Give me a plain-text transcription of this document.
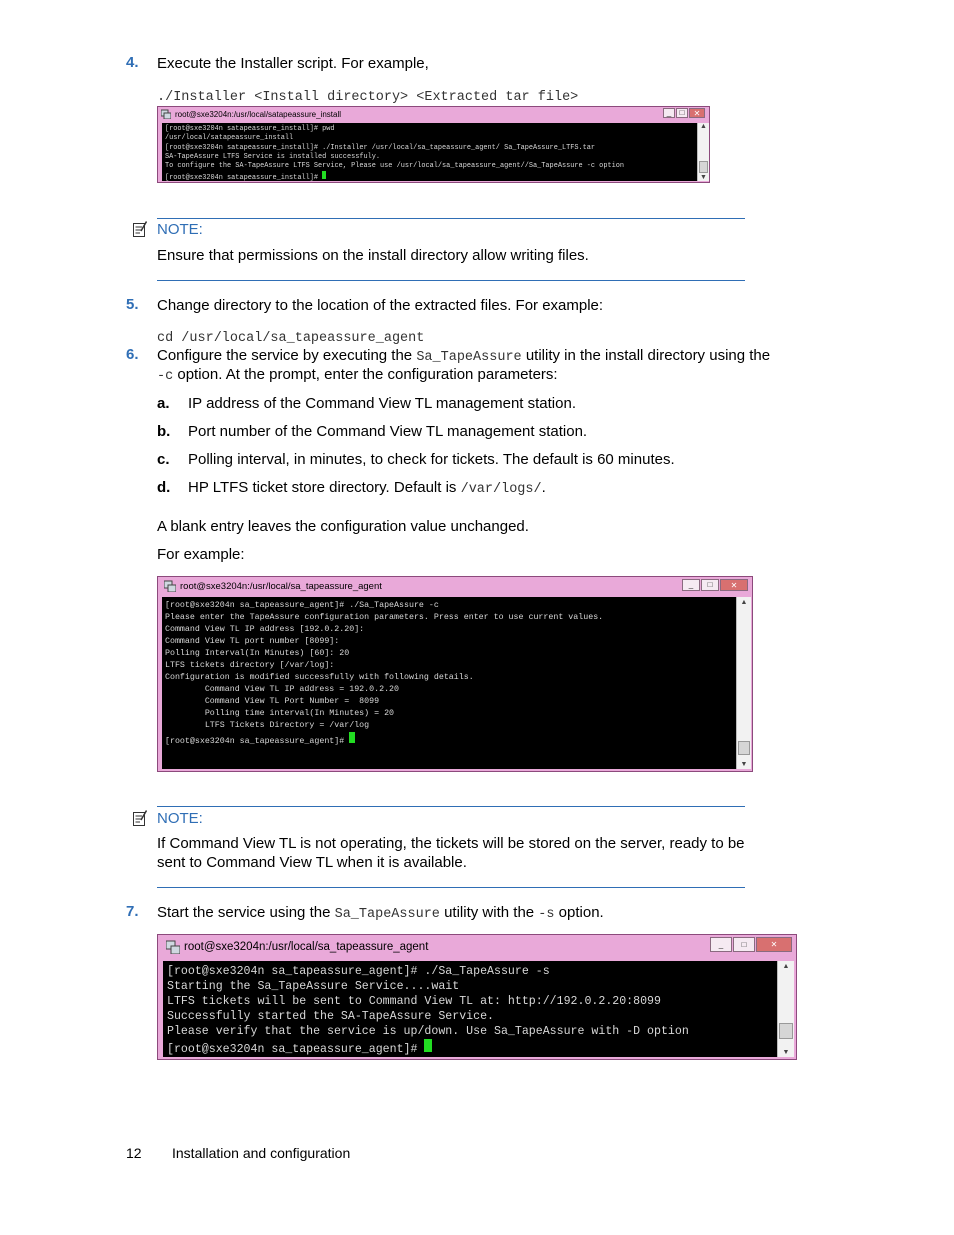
4. Execute the Installer script. For example,
./Installer <Install directory> <Extracted tar file>
root@sxe3204n:/usr/local/satapeassure_install	_	□	✕
[root@sxe3204n satapeassure_install]# pwd
/usr/local/satapeassure_install
[root@sxe3204n satapeassure_install]# ./Installer /usr/local/sa_tapeassure_agent/ Sa_TapeAssure_LTFS.tar
SA-TapeAssure LTFS Service is installed successfuly.
To configure the SA-TapeAssure LTFS Service, Please use /usr/local/sa_tapeassure_agent//Sa_TapeAssure -c option
[root@sxe3204n satapeassure_install]#
▲
▼
NOTE:
Ensure that permissions on the install directory allow writing files.
5. Change directory to the location of the extracted files. For example:
cd /usr/local/sa_tapeassure_agent
6. Configure the service by executing the Sa_TapeAssure utility in the install directory using the
-c option. At the prompt, enter the configuration parameters:
a. IP address of the Command View TL management station.
b. Port number of the Command View TL management station.
c. Polling interval, in minutes, to check for tickets. The default is 60 minutes.
d. HP LTFS ticket store directory. Default is /var/logs/.
A blank entry leaves the configuration value unchanged.
For example:
root@sxe3204n:/usr/local/sa_tapeassure_agent	_	□	✕
[root@sxe3204n sa_tapeassure_agent]# ./Sa_TapeAssure -c
Please enter the TapeAssure configuration parameters. Press enter to use current values.
Command View TL IP address [192.0.2.20]:
Command View TL port number [8099]:
Polling Interval(In Minutes) [60]: 20
LTFS tickets directory [/var/log]:
Configuration is modified successfully with following details.
Command View TL IP address = 192.0.2.20
Command View TL Port Number =  8099
Polling time interval(In Minutes) = 20
LTFS Tickets Directory = /var/log
[root@sxe3204n sa_tapeassure_agent]#
▲
▼
NOTE:
If Command View TL is not operating, the tickets will be stored on the server, ready to be
sent to Command View TL when it is available.
7. Start the service using the Sa_TapeAssure utility with the -s option.
root@sxe3204n:/usr/local/sa_tapeassure_agent	_	□	✕
[root@sxe3204n sa_tapeassure_agent]# ./Sa_TapeAssure -s
Starting the Sa_TapeAssure Service....wait
LTFS tickets will be sent to Command View TL at: http://192.0.2.20:8099
Successfully started the SA-TapeAssure Service.
Please verify that the service is up/down. Use Sa_TapeAssure with -D option
[root@sxe3204n sa_tapeassure_agent]#
▲
▼
12 Installation and configuration
